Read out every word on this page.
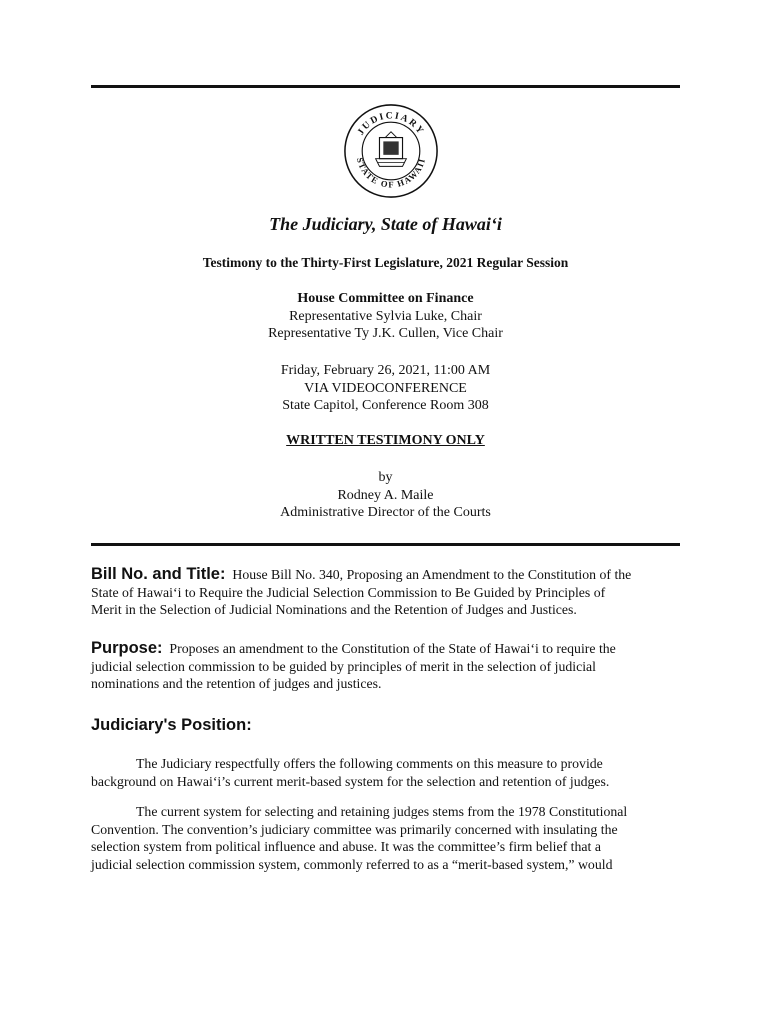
JUDICIARY
STATE OF HAWAII
The Judiciary, State of Hawai‘i
Testimony to the Thirty-First Legislature, 2021 Regular Session
House Committee on Finance
Representative Sylvia Luke, Chair
Representative Ty J.K. Cullen, Vice Chair
Friday, February 26, 2021, 11:00 AM
VIA VIDEOCONFERENCE
State Capitol, Conference Room 308
WRITTEN TESTIMONY ONLY
by
Rodney A. Maile
Administrative Director of the Courts
Bill No. and Title: House Bill No. 340, Proposing an Amendment to the Constitution of the
State of Hawai‘i to Require the Judicial Selection Commission to Be Guided by Principles of
Merit in the Selection of Judicial Nominations and the Retention of Judges and Justices.
Purpose: Proposes an amendment to the Constitution of the State of Hawai‘i to require the
judicial selection commission to be guided by principles of merit in the selection of judicial
nominations and the retention of judges and justices.
Judiciary's Position:
The Judiciary respectfully offers the following comments on this measure to provide
background on Hawai‘i’s current merit-based system for the selection and retention of judges.
The current system for selecting and retaining judges stems from the 1978 Constitutional
Convention. The convention’s judiciary committee was primarily concerned with insulating the
selection system from political influence and abuse. It was the committee’s firm belief that a
judicial selection commission system, commonly referred to as a “merit-based system,” would
